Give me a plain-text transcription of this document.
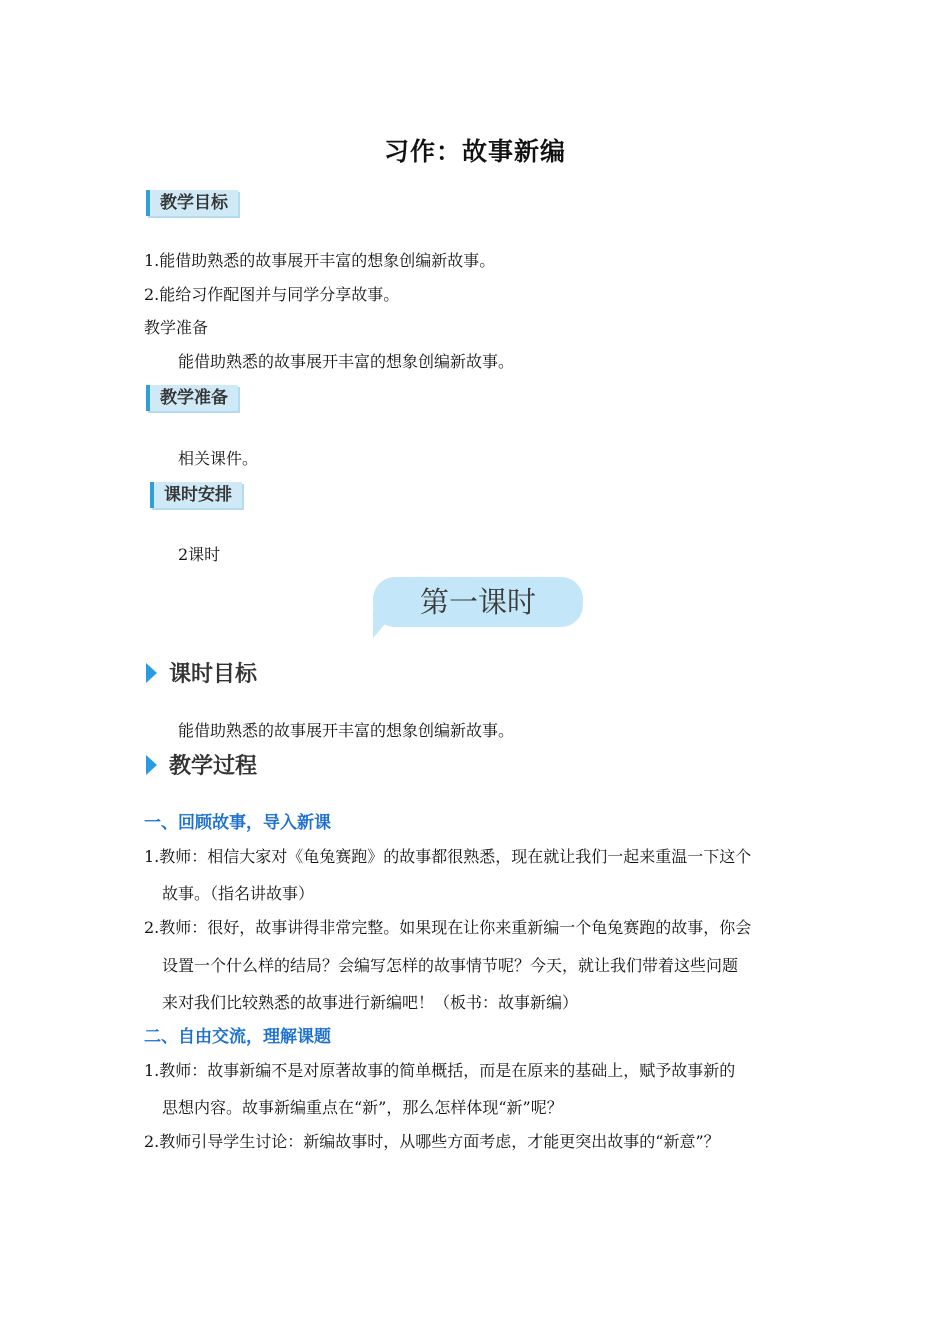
习作：故事新编
教学目标
1.能借助熟悉的故事展开丰富的想象创编新故事。
2.能给习作配图并与同学分享故事。
教学准备
能借助熟悉的故事展开丰富的想象创编新故事。
教学准备
相关课件。
课时安排
2课时
第一课时
课时目标
能借助熟悉的故事展开丰富的想象创编新故事。
教学过程
一、回顾故事，导入新课
1.教师：相信大家对《龟兔赛跑》的故事都很熟悉，现在就让我们一起来重温一下这个
故事。（指名讲故事）
2.教师：很好，故事讲得非常完整。如果现在让你来重新编一个龟兔赛跑的故事，你会
设置一个什么样的结局？会编写怎样的故事情节呢？今天，就让我们带着这些问题
来对我们比较熟悉的故事进行新编吧！（板书：故事新编）
二、自由交流，理解课题
1.教师：故事新编不是对原著故事的简单概括，而是在原来的基础上，赋予故事新的
思想内容。故事新编重点在“新”，那么怎样体现“新”呢？
2.教师引导学生讨论：新编故事时，从哪些方面考虑，才能更突出故事的“新意”？
